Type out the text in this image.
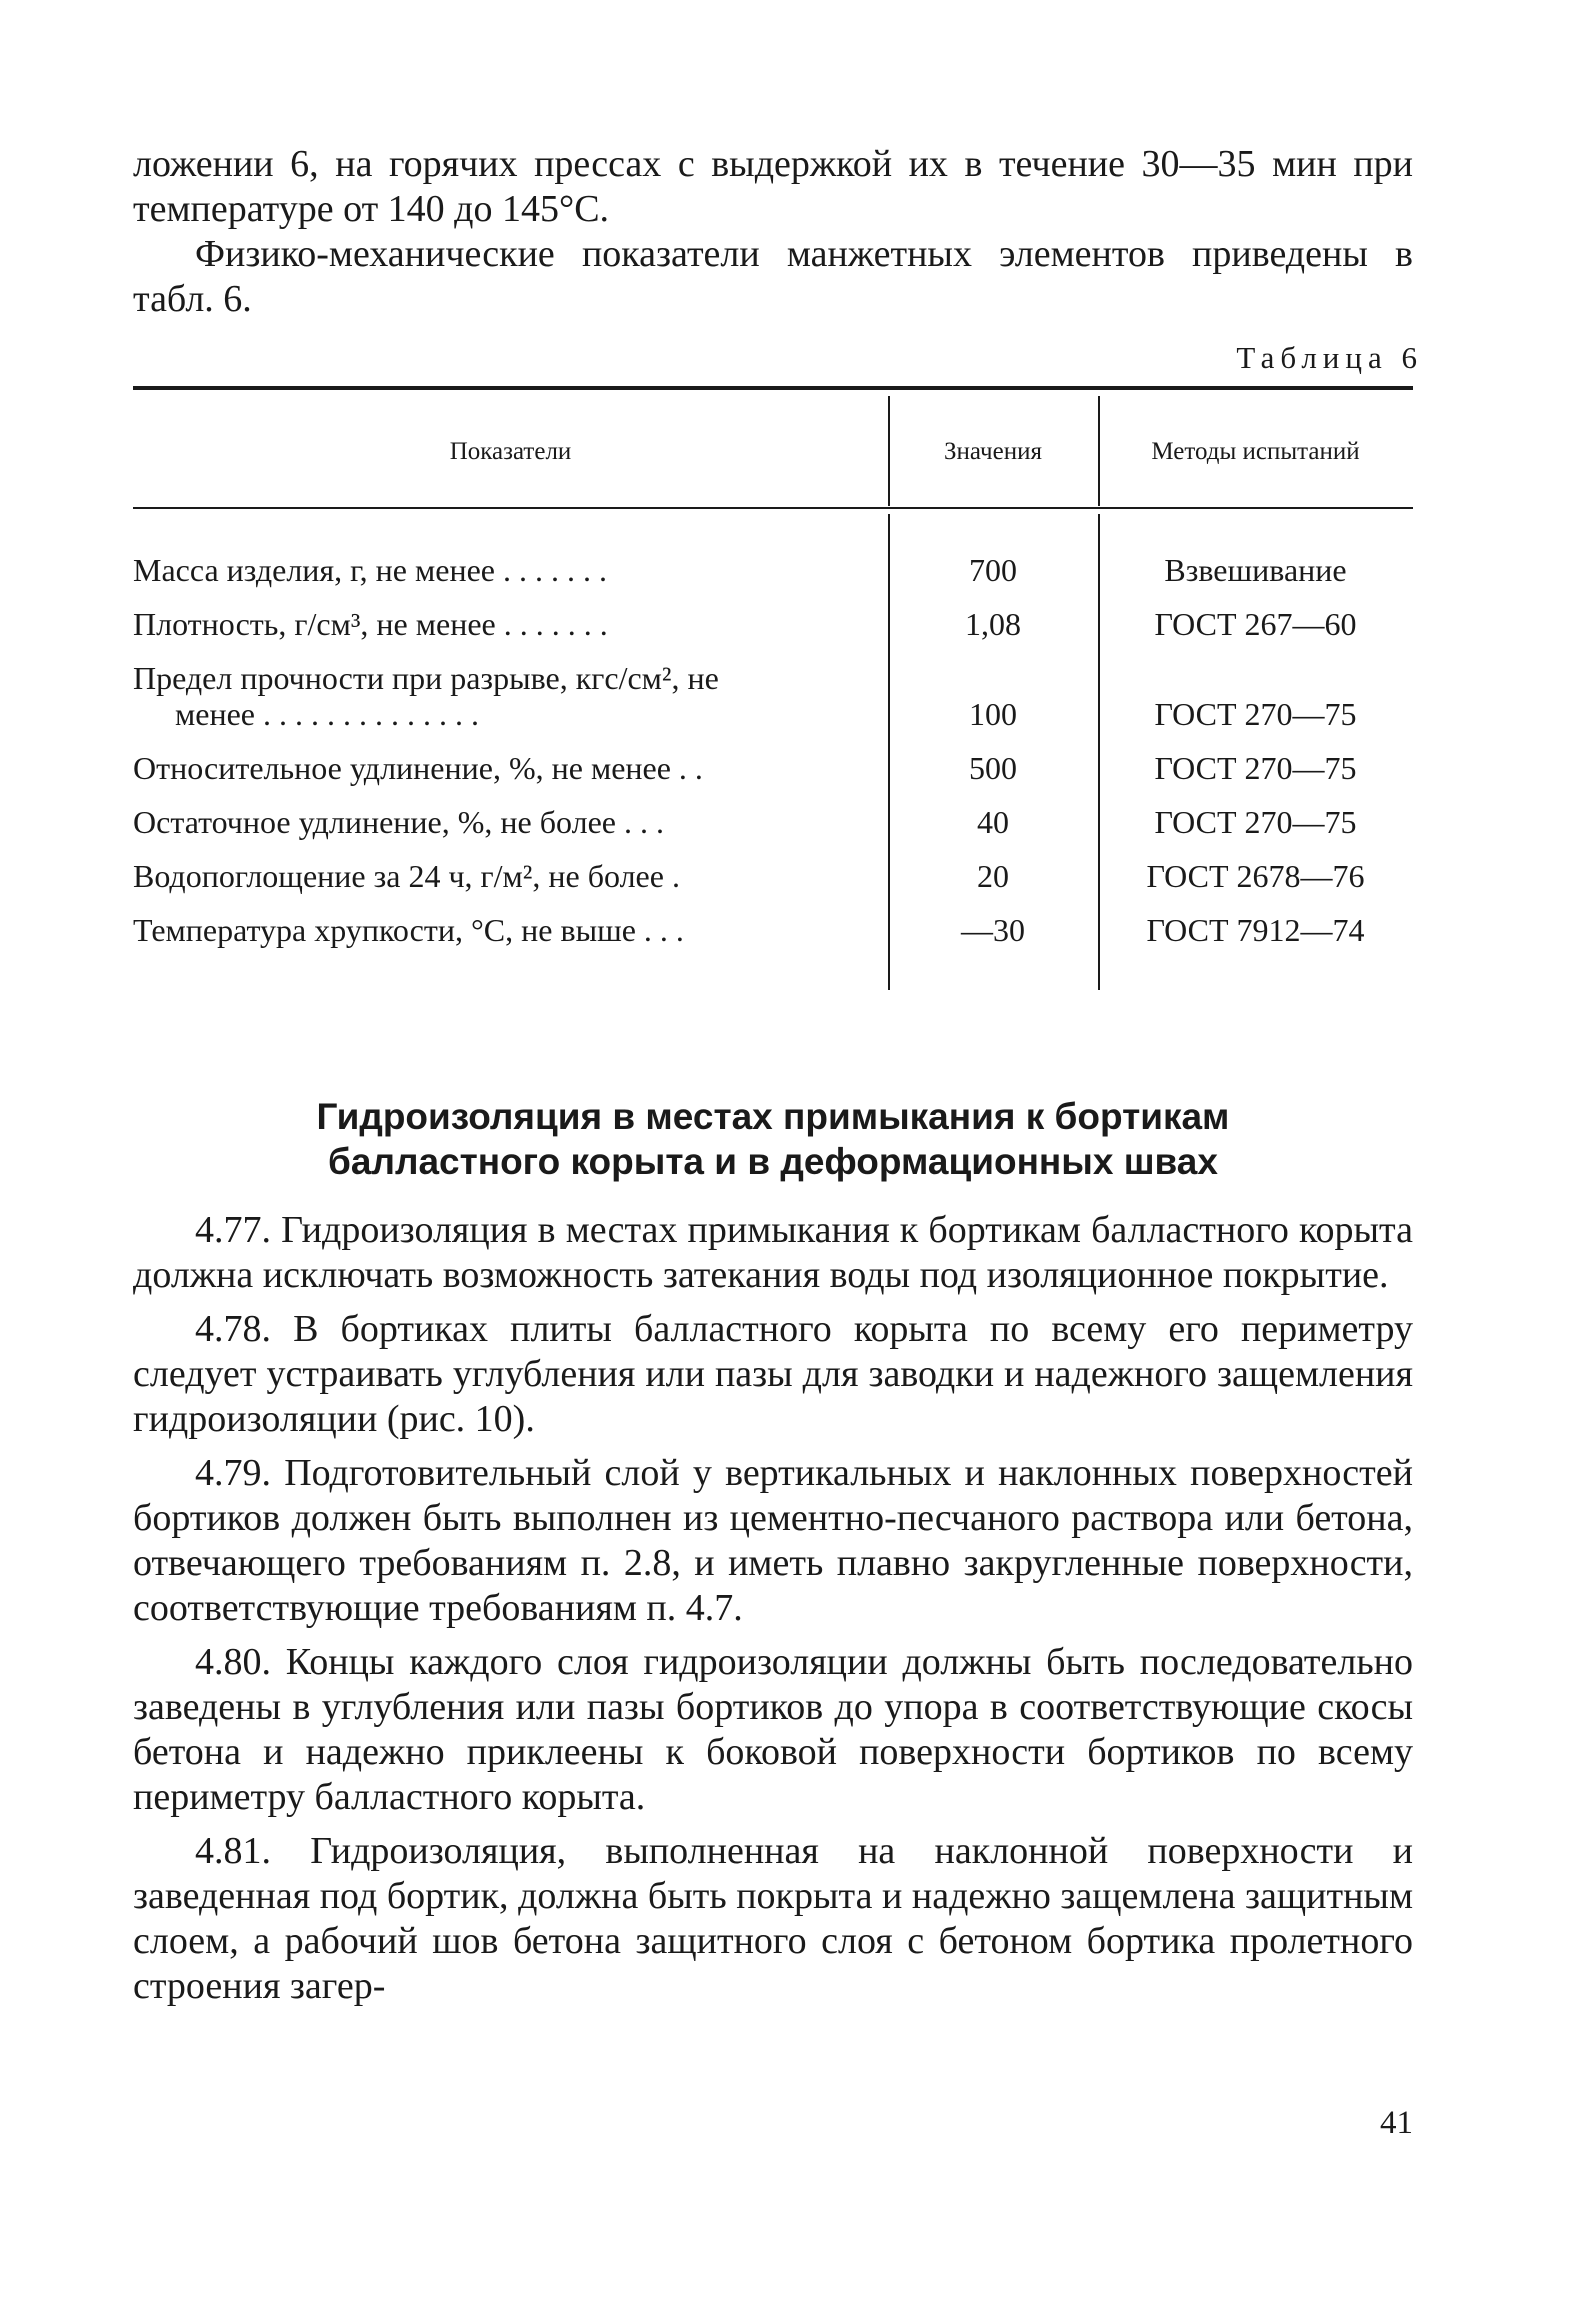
ложении 6, на горячих прессах с выдержкой их в течение 30—35 мин при температуре от 140 до 145°С.

Физико-механические показатели манжетных элементов приведены в табл. 6.

Таблица 6
Показатели	Значения	Методы испытаний
Масса изделия, г, не менее . . . . . . .	700	Взвешивание
Плотность, г/см³, не менее . . . . . . .	1,08	ГОСТ 267—60
Предел прочности при разрыве, кгс/см², не
менее . . . . . . . . . . . . . .	100	ГОСТ 270—75
Относительное удлинение, %, не менее . .	500	ГОСТ 270—75
Остаточное удлинение, %, не более . . .	40	ГОСТ 270—75
Водопоглощение за 24 ч, г/м², не более .	20	ГОСТ 2678—76
Температура хрупкости, °С, не выше . . .	—30	ГОСТ 7912—74
Гидроизоляция в местах примыкания к бортикам
балластного корыта и в деформационных швах

4.77. Гидроизоляция в местах примыкания к бортикам балластного корыта должна исключать возможность затекания воды под изоляционное покрытие.

4.78. В бортиках плиты балластного корыта по всему его периметру следует устраивать углубления или пазы для заводки и надежного защемления гидроизоляции (рис. 10).

4.79. Подготовительный слой у вертикальных и наклонных поверхностей бортиков должен быть выполнен из цементно-песчаного раствора или бетона, отвечающего требованиям п. 2.8, и иметь плавно закругленные поверхности, соответствующие требованиям п. 4.7.

4.80. Концы каждого слоя гидроизоляции должны быть последовательно заведены в углубления или пазы бортиков до упора в соответствующие скосы бетона и надежно приклеены к боковой поверхности бортиков по всему периметру балластного корыта.

4.81. Гидроизоляция, выполненная на наклонной поверхности и заведенная под бортик, должна быть покрыта и надежно защемлена защитным слоем, а рабочий шов бетона защитного слоя с бетоном бортика пролетного строения загер-

41
